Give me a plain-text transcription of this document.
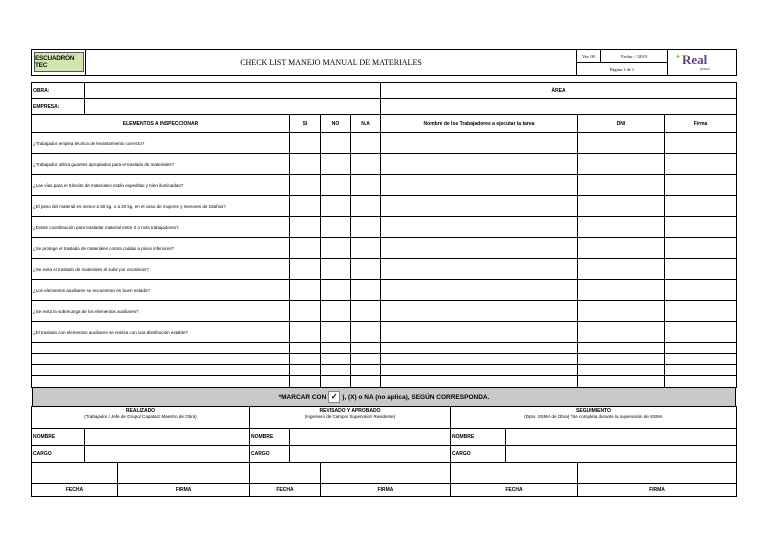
ESCUADRÓN TEC	CHECK LIST MANEJO MANUAL DE MATERIALES
Ver. 00	Fecha: / /2019
Página 1 de 1
Real
plaza
✦
OBRA:	ÁREA
EMPRESA:
ELEMENTOS A INSPECCIONAR	SI	NO	N.A	Nombre de los Trabajadores a ejecutar la tarea	DNI	Firma
¿Trabajador emplea técnica de levantamiento correcto?
¿Trabajador utiliza guantes apropiados para el traslado de materiales?
¿Las vías para el tránsito de materiales están expeditas y bien iluminadas?
¿El peso del material es menor a 50 kg. o a 20 kg. en el caso de mujeres y menores de 18años?
¿Existe coordinación para trasladar material entre 2 o más trabajadores?
¿Se protege el traslado de materiales contra caídas a pisos inferiores?
¿Se evita el traslado de materiales al subir por escaleras?
¿Los elementos auxiliares se encuentran en buen estado?
¿Se evita la sobrecarga de los elementos auxiliares?
¿El traslado con elementos auxiliares se realiza con una distribución estable?
*MARCAR CON ✓ ), (X) o NA (no aplica), SEGÚN CORRESPONDA.
REALIZADO
(Trabajador / Jefe de Grupo/ Capataz/ Maestro de Obra)
REVISADO Y APROBADO
(Ingeniero de Campo/ Supervisor/ Residente)
SEGUIMIENTO
(Dpto. SSMA de Obra) *Se completa durante la supervisión de SSMA
NOMBRE	NOMBRE	NOMBRE
CARGO	CARGO	CARGO
FECHA	FIRMA	FECHA	FIRMA	FECHA	FIRMA
